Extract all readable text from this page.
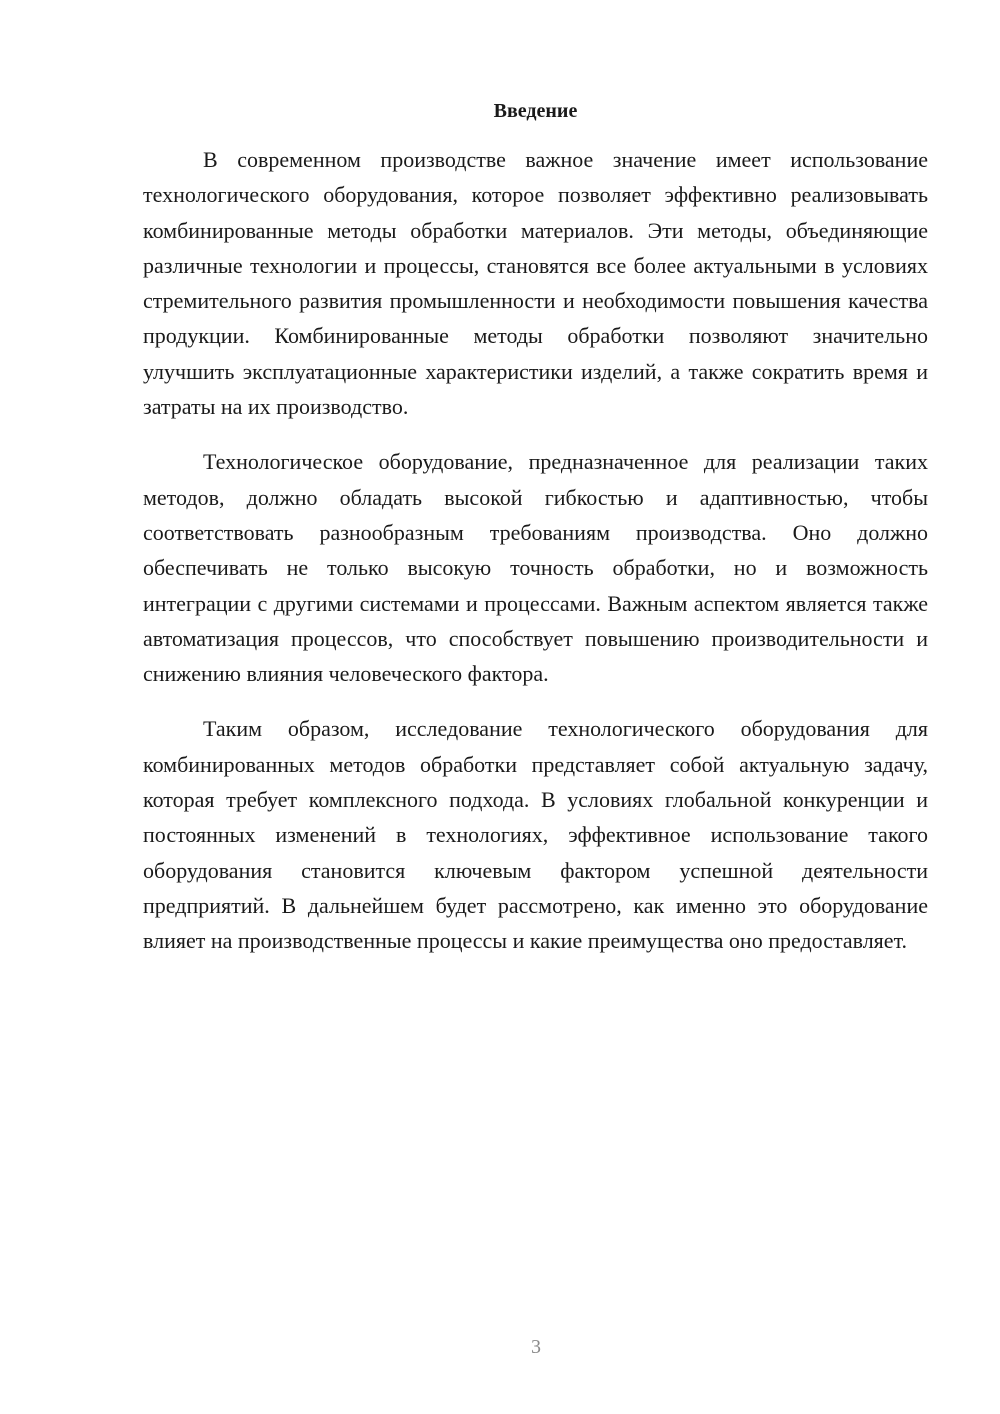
Введение

В современном производстве важное значение имеет использование технологического оборудования, которое позволяет эффективно реализовывать комбинированные методы обработки материалов. Эти методы, объединяющие различные технологии и процессы, становятся все более актуальными в условиях стремительного развития промышленности и необходимости повышения качества продукции. Комбинированные методы обработки позволяют значительно улучшить эксплуатационные характеристики изделий, а также сократить время и затраты на их производство.

Технологическое оборудование, предназначенное для реализации таких методов, должно обладать высокой гибкостью и адаптивностью, чтобы соответствовать разнообразным требованиям производства. Оно должно обеспечивать не только высокую точность обработки, но и возможность интеграции с другими системами и процессами. Важным аспектом является также автоматизация процессов, что способствует повышению производительности и снижению влияния человеческого фактора.

Таким образом, исследование технологического оборудования для комбинированных методов обработки представляет собой актуальную задачу, которая требует комплексного подхода. В условиях глобальной конкуренции и постоянных изменений в технологиях, эффективное использование такого оборудования становится ключевым фактором успешной деятельности предприятий. В дальнейшем будет рассмотрено, как именно это оборудование влияет на производственные процессы и какие преимущества оно предоставляет.

3
